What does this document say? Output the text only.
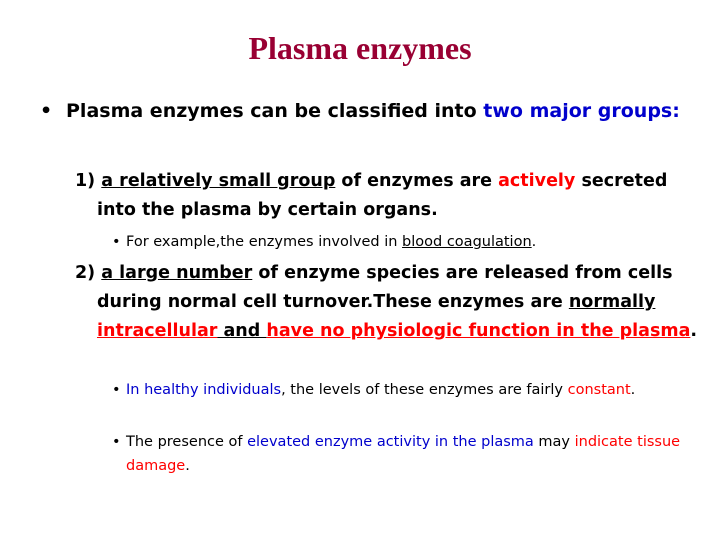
Plasma enzymes
• Plasma enzymes can be classified into two major groups:
1) a relatively small group of enzymes are actively secreted into the plasma by certain organs.
• For example,the enzymes involved in blood coagulation.
2) a large number of enzyme species are released from cells during normal cell turnover.These enzymes are normally intracellular and have no physiologic function in the plasma.
• In healthy individuals, the levels of these enzymes are fairly constant.
• The presence of elevated enzyme activity in the plasma may indicate tissue damage.
